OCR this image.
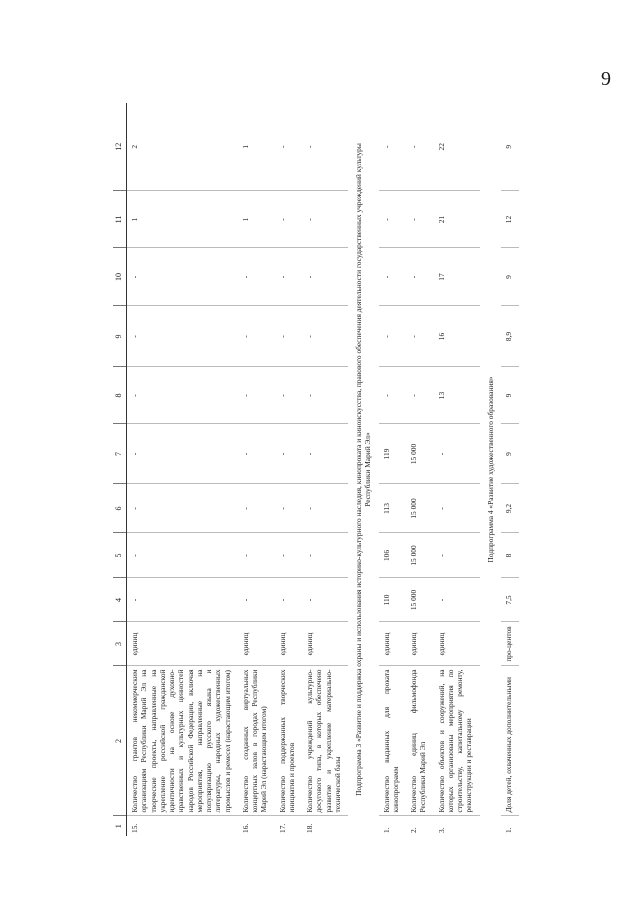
9
1	2	3	4	5	6	7	8	9	10	11	12
15.	Количество грантов некоммерческим организациям Республики Марий Эл на творческие проекты, направленные на укрепление российской гражданской идентичности на основе духовно-нравственных и культурных ценностей народов Российской Федерации, включая мероприятия, направленные на популяризацию русского языка и литературы, народных художественных промыслов и ремесел (нарастающим итогом)	единиц	-	-	-	-	-	-	-	1	2
16.	Количество созданных виртуальных концертных залов в городах Республики Марий Эл (нарастающим итогом)	единиц	-	-	-	-	-	-	-	1	1
17.	Количество поддержанных творческих инициатив и проектов	единиц	-	-	-	-	-	-	-	-	-
18.	Количество учреждений культурно-досугового типа, в которых обеспечено развитие и укрепление материально-технической базы	единиц	-	-	-	-	-	-	-	-	-
Подпрограмма 3 «Развитие и поддержка охраны и использования историко-культурного наследия, кинопроката и киноискусства, правового обеспечения деятельности государственных учреждений культуры Республики Марий Эл»											
1.	Количество выданных для проката кинопрограмм	единиц	110	106	113	119	-	-	-	-	-
2.	Количество единиц фильмофонда Республики Марий Эл	единиц	15 000	15 000	15 000	15 000	-	-	-	-	-
3.	Количество объектов и сооружений, на которых организованы мероприятия по строительству, капитальному ремонту, реконструкции и реставрации	единиц	-	-	-	-	13	16	17	21	22
Подпрограмма 4 «Развитие художественного образования»											
1.	Доля детей, охваченных дополнительными	про-центов	7,5	8	9,2	9	9	8,9	9	12	9
